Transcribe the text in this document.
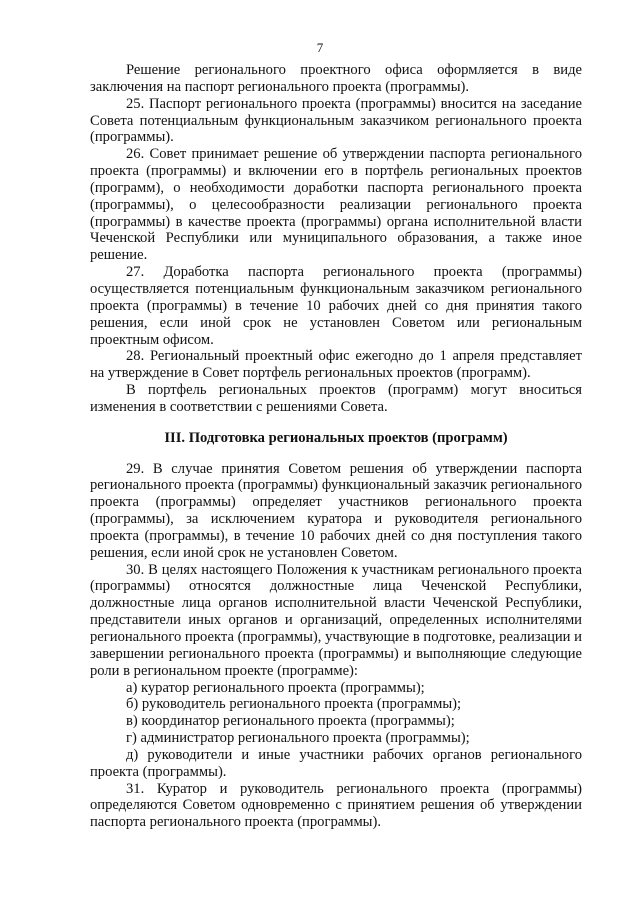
7

Решение регионального проектного офиса оформляется в виде заключения на паспорт регионального проекта (программы).

25. Паспорт регионального проекта (программы) вносится на заседание Совета потенциальным функциональным заказчиком регионального проекта (программы).

26. Совет принимает решение об утверждении паспорта регионального проекта (программы) и включении его в портфель региональных проектов (программ), о необходимости доработки паспорта регионального проекта (программы), о целесообразности реализации регионального проекта (программы) в качестве проекта (программы) органа исполнительной власти Чеченской Республики или муниципального образования, а также иное решение.

27. Доработка паспорта регионального проекта (программы) осуществляется потенциальным функциональным заказчиком регионального проекта (программы) в течение 10 рабочих дней со дня принятия такого решения, если иной срок не установлен Советом или региональным проектным офисом.

28. Региональный проектный офис ежегодно до 1 апреля представляет на утверждение в Совет портфель региональных проектов (программ).

В портфель региональных проектов (программ) могут вноситься изменения в соответствии с решениями Совета.

III. Подготовка региональных проектов (программ)

29. В случае принятия Советом решения об утверждении паспорта регионального проекта (программы) функциональный заказчик регионального проекта (программы) определяет участников регионального проекта (программы), за исключением куратора и руководителя регионального проекта (программы), в течение 10 рабочих дней со дня поступления такого решения, если иной срок не установлен Советом.

30. В целях настоящего Положения к участникам регионального проекта (программы) относятся должностные лица Чеченской Республики, должностные лица органов исполнительной власти Чеченской Республики, представители иных органов и организаций, определенных исполнителями регионального проекта (программы), участвующие в подготовке, реализации и завершении регионального проекта (программы) и выполняющие следующие роли в региональном проекте (программе):

а) куратор регионального проекта (программы);

б) руководитель регионального проекта (программы);

в) координатор регионального проекта (программы);

г) администратор регионального проекта (программы);

д) руководители и иные участники рабочих органов регионального проекта (программы).

31. Куратор и руководитель регионального проекта (программы) определяются Советом одновременно с принятием решения об утверждении паспорта регионального проекта (программы).
